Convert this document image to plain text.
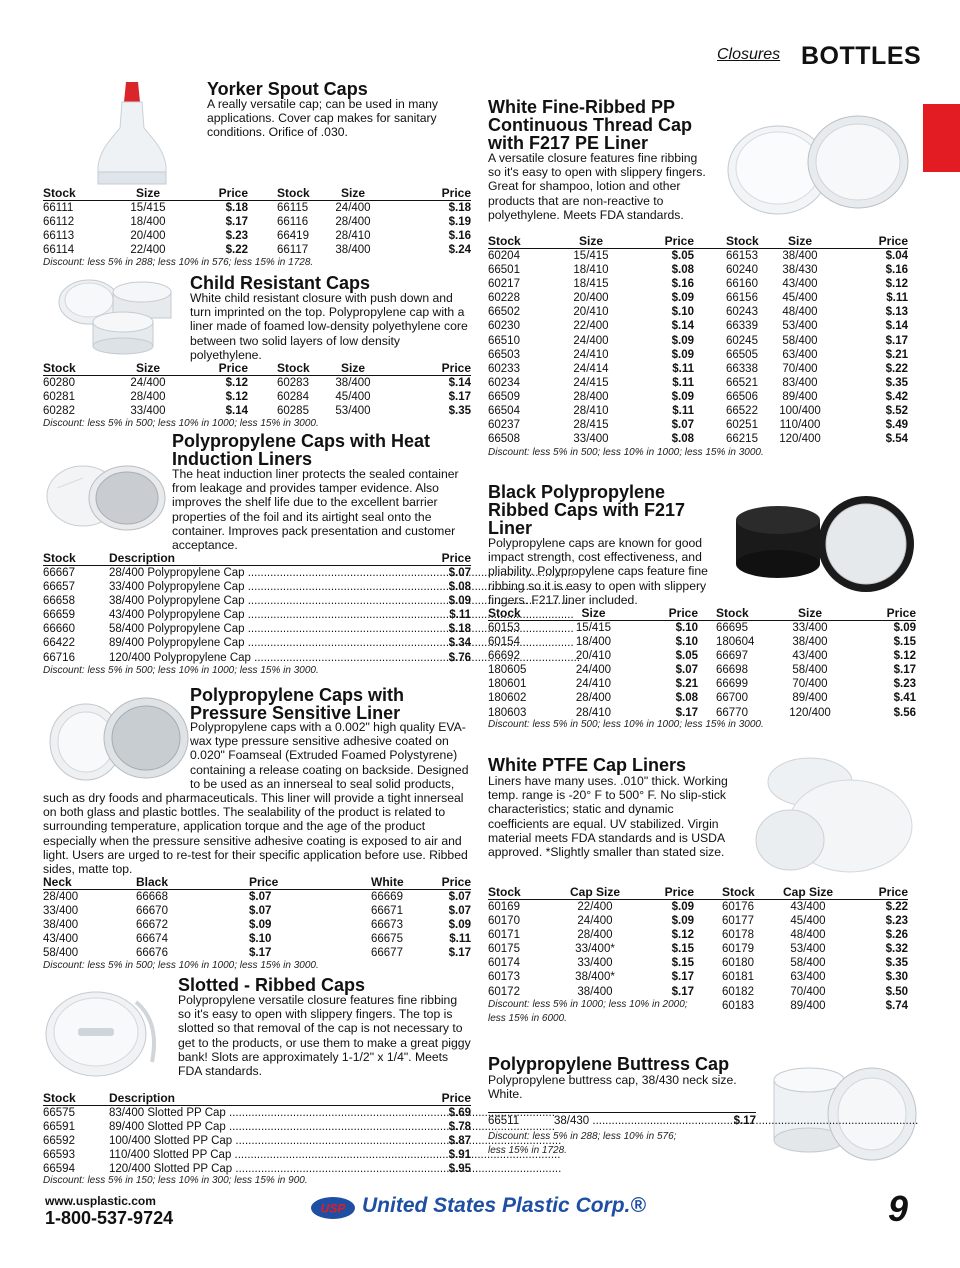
Closures BOTTLES
Yorker Spout Caps
A really versatile cap; can be used in many applications. Cover cap makes for sanitary conditions. Orifice of .030.
Stock	Size	Price	Stock	Size	Price
66111	15/415	$.18	66115	24/400	$.18
66112	18/400	$.17	66116	28/400	$.19
66113	20/400	$.23	66419	28/410	$.16
66114	22/400	$.22	66117	38/400	$.24
Discount: less 5% in 288; less 10% in 576; less 15% in 1728.
Child Resistant Caps
White child resistant closure with push down and turn imprinted on the top. Polypropylene cap with a liner made of foamed low-density polyethylene core between two solid layers of low density polyethylene.
Stock	Size	Price	Stock	Size	Price
60280	24/400	$.12	60283	38/400	$.14
60281	28/400	$.12	60284	45/400	$.17
60282	33/400	$.14	60285	53/400	$.35
Discount: less 5% in 500; less 10% in 1000; less 15% in 3000.
Polypropylene Caps with Heat Induction Liners
The heat induction liner protects the sealed container from leakage and provides tamper evidence. Also improves the shelf life due to the excellent barrier properties of the foil and its airtight seal onto the container. Improves pack presentation and customer acceptance.
Stock	Description	Price
66667	28/400 Polypropylene Cap .....	$.07
66657	33/400 Polypropylene Cap .....	$.08
66658	38/400 Polypropylene Cap .....	$.09
66659	43/400 Polypropylene Cap .....	$.11
66660	58/400 Polypropylene Cap .....	$.18
66422	89/400 Polypropylene Cap .....	$.34
66716	120/400 Polypropylene Cap .....	$.76
Discount: less 5% in 500; less 10% in 1000; less 15% in 3000.
Polypropylene Caps with Pressure Sensitive Liner
Polypropylene caps with a 0.002" high quality EVA-wax type pressure sensitive adhesive coated on 0.020" Foamseal (Extruded Foamed Polystyrene) containing a release coating on backside. Designed to be used as an innerseal to seal solid products, such as dry foods and pharmaceuticals. This liner will provide a tight innerseal on both glass and plastic bottles. The sealability of the product is related to surrounding temperature, application torque and the age of the product especially when the pressure sensitive adhesive coating is exposed to air and light. Users are urged to re-test for their specific application before use. Ribbed sides, matte top.
Neck	Black	Price	White	Price
28/400	66668	$.07	66669	$.07
33/400	66670	$.07	66671	$.07
38/400	66672	$.09	66673	$.09
43/400	66674	$.10	66675	$.11
58/400	66676	$.17	66677	$.17
Discount: less 5% in 500; less 10% in 1000; less 15% in 3000.
Slotted - Ribbed Caps
Polypropylene versatile closure features fine ribbing so it's easy to open with slippery fingers. The top is slotted so that removal of the cap is not necessary to get to the products, or use them to make a great piggy bank! Slots are approximately 1-1/2" x 1/4". Meets FDA standards.
Stock	Description	Price
66575	83/400 Slotted PP Cap .....	$.69
66591	89/400 Slotted PP Cap .....	$.78
66592	100/400 Slotted PP Cap .....	$.87
66593	110/400 Slotted PP Cap .....	$.91
66594	120/400 Slotted PP Cap .....	$.95
Discount: less 5% in 150; less 10% in 300; less 15% in 900.
White Fine-Ribbed PP Continuous Thread Cap with F217 PE Liner
A versatile closure features fine ribbing so it's easy to open with slippery fingers. Great for shampoo, lotion and other products that are non-reactive to polyethylene. Meets FDA standards.
Stock	Size	Price	Stock	Size	Price
60204	15/415	$.05	66153	38/400	$.04
66501	18/410	$.08	60240	38/430	$.16
60217	18/415	$.16	66160	43/400	$.12
60228	20/400	$.09	66156	45/400	$.11
66502	20/410	$.10	60243	48/400	$.13
60230	22/400	$.14	66339	53/400	$.14
66510	24/400	$.09	60245	58/400	$.17
66503	24/410	$.09	66505	63/400	$.21
60233	24/414	$.11	66338	70/400	$.22
60234	24/415	$.11	66521	83/400	$.35
66509	28/400	$.09	66506	89/400	$.42
66504	28/410	$.11	66522	100/400	$.52
60237	28/415	$.07	60251	110/400	$.49
66508	33/400	$.08	66215	120/400	$.54
Discount: less 5% in 500; less 10% in 1000; less 15% in 3000.
Black Polypropylene Ribbed Caps with F217 Liner
Polypropylene caps are known for good impact strength, cost effectiveness, and pliability. Polypropylene caps feature fine ribbing so it is easy to open with slippery fingers. F217 liner included.
Stock	Size	Price	Stock	Size	Price
60153	15/415	$.10	66695	33/400	$.09
60154	18/400	$.10	180604	38/400	$.15
66692	20/410	$.05	66697	43/400	$.12
180605	24/400	$.07	66698	58/400	$.17
180601	24/410	$.21	66699	70/400	$.23
180602	28/400	$.08	66700	89/400	$.41
180603	28/410	$.17	66770	120/400	$.56
Discount: less 5% in 500; less 10% in 1000; less 15% in 3000.
White PTFE Cap Liners
Liners have many uses. .010" thick. Working temp. range is -20° F to 500° F. No slip-stick characteristics; static and dynamic coefficients are equal. UV stabilized. Virgin material meets FDA standards and is USDA approved. *Slightly smaller than stated size.
Stock	Cap Size	Price	Stock	Cap Size	Price
60169	22/400	$.09	60176	43/400	$.22
60170	24/400	$.09	60177	45/400	$.23
60171	28/400	$.12	60178	48/400	$.26
60175	33/400*	$.15	60179	53/400	$.32
60174	33/400	$.15	60180	58/400	$.35
60173	38/400*	$.17	60181	63/400	$.30
60172	38/400	$.17	60182	70/400	$.50
			60183	89/400	$.74
Discount: less 5% in 1000; less 10% in 2000;
less 15% in 6000.
Polypropylene Buttress Cap
Polypropylene buttress cap, 38/430 neck size. White.
66511	38/430 .....	$.17
Discount: less 5% in 288; less 10% in 576;
less 15% in 1728.
www.usplastic.com
1-800-537-9724	USP United States Plastic Corp.®	9
